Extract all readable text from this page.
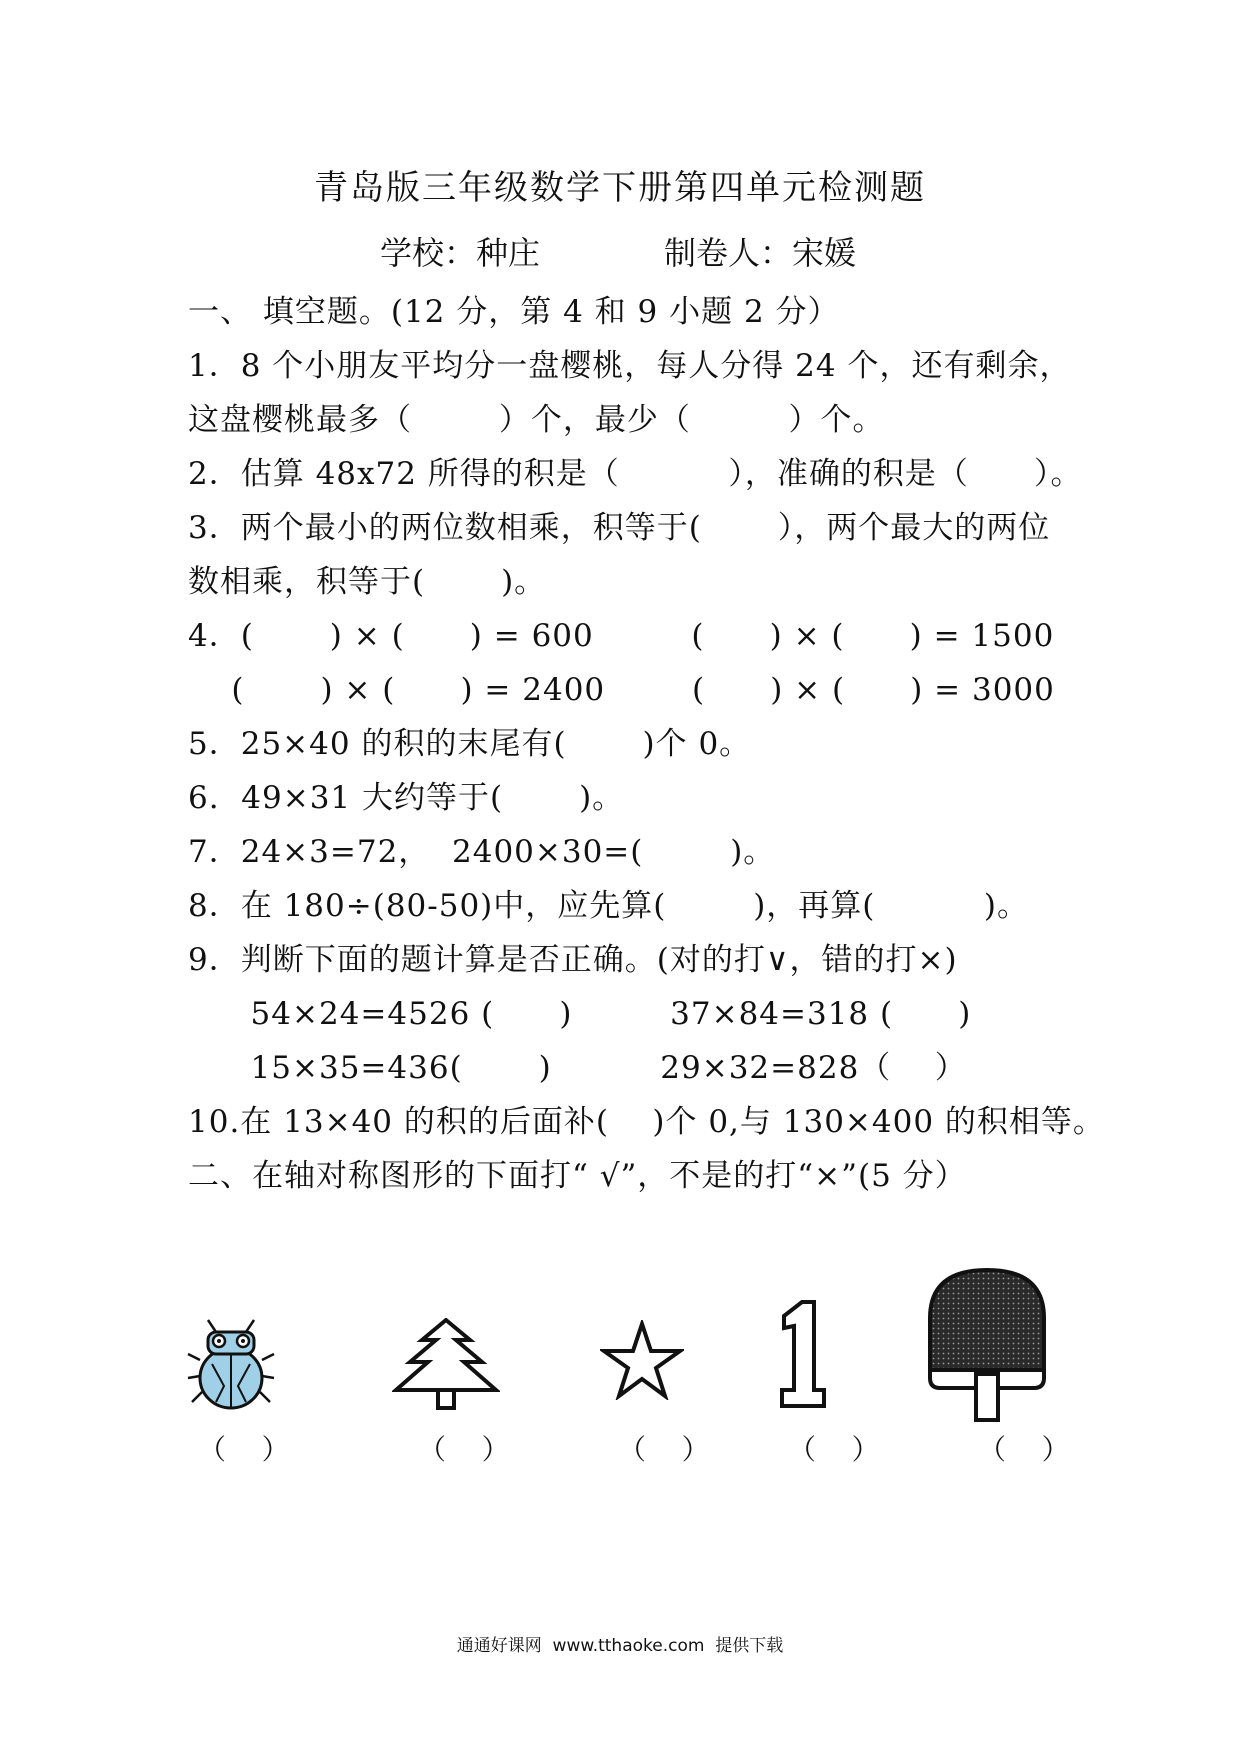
青岛版三年级数学下册第四单元检测题
学校：种庄	制卷人：宋媛
一、 填空题。(12 分，第 4 和 9 小题 2 分）
1．8 个小朋友平均分一盘樱桃，每人分得 24 个，还有剩余，
这盘樱桃最多（        ）个，最少（         ）个。
2．估算 48x72 所得的积是（          ），准确的积是（      ）。
3．两个最小的两位数相乘，积等于(       ），两个最大的两位
数相乘，积等于(       )。
4．(       ) × (      ) = 600         (      ) × (      ) = 1500
(       ) × (      ) = 2400        (      ) × (      ) = 3000
5．25×40 的积的末尾有(       )个 0。
6.  49×31 大约等于(       )。
7．24×3=72，  2400×30=(        )。
8．在 180÷(80-50)中，应先算(        )，再算(          )。
9．判断下面的题计算是否正确。(对的打∨，错的打×)
54×24=4526 (      )         37×84=318 (      )
15×35=436(       )          29×32=828（    ）
10.在 13×40 的积的后面补(    )个 0,与 130×400 的积相等。
二、在轴对称图形的下面打“ √”，不是的打“×”(5 分）
（    ）	（    ）	（    ）	（    ）	（    ）
通通好课网  www.tthaoke.com  提供下载
